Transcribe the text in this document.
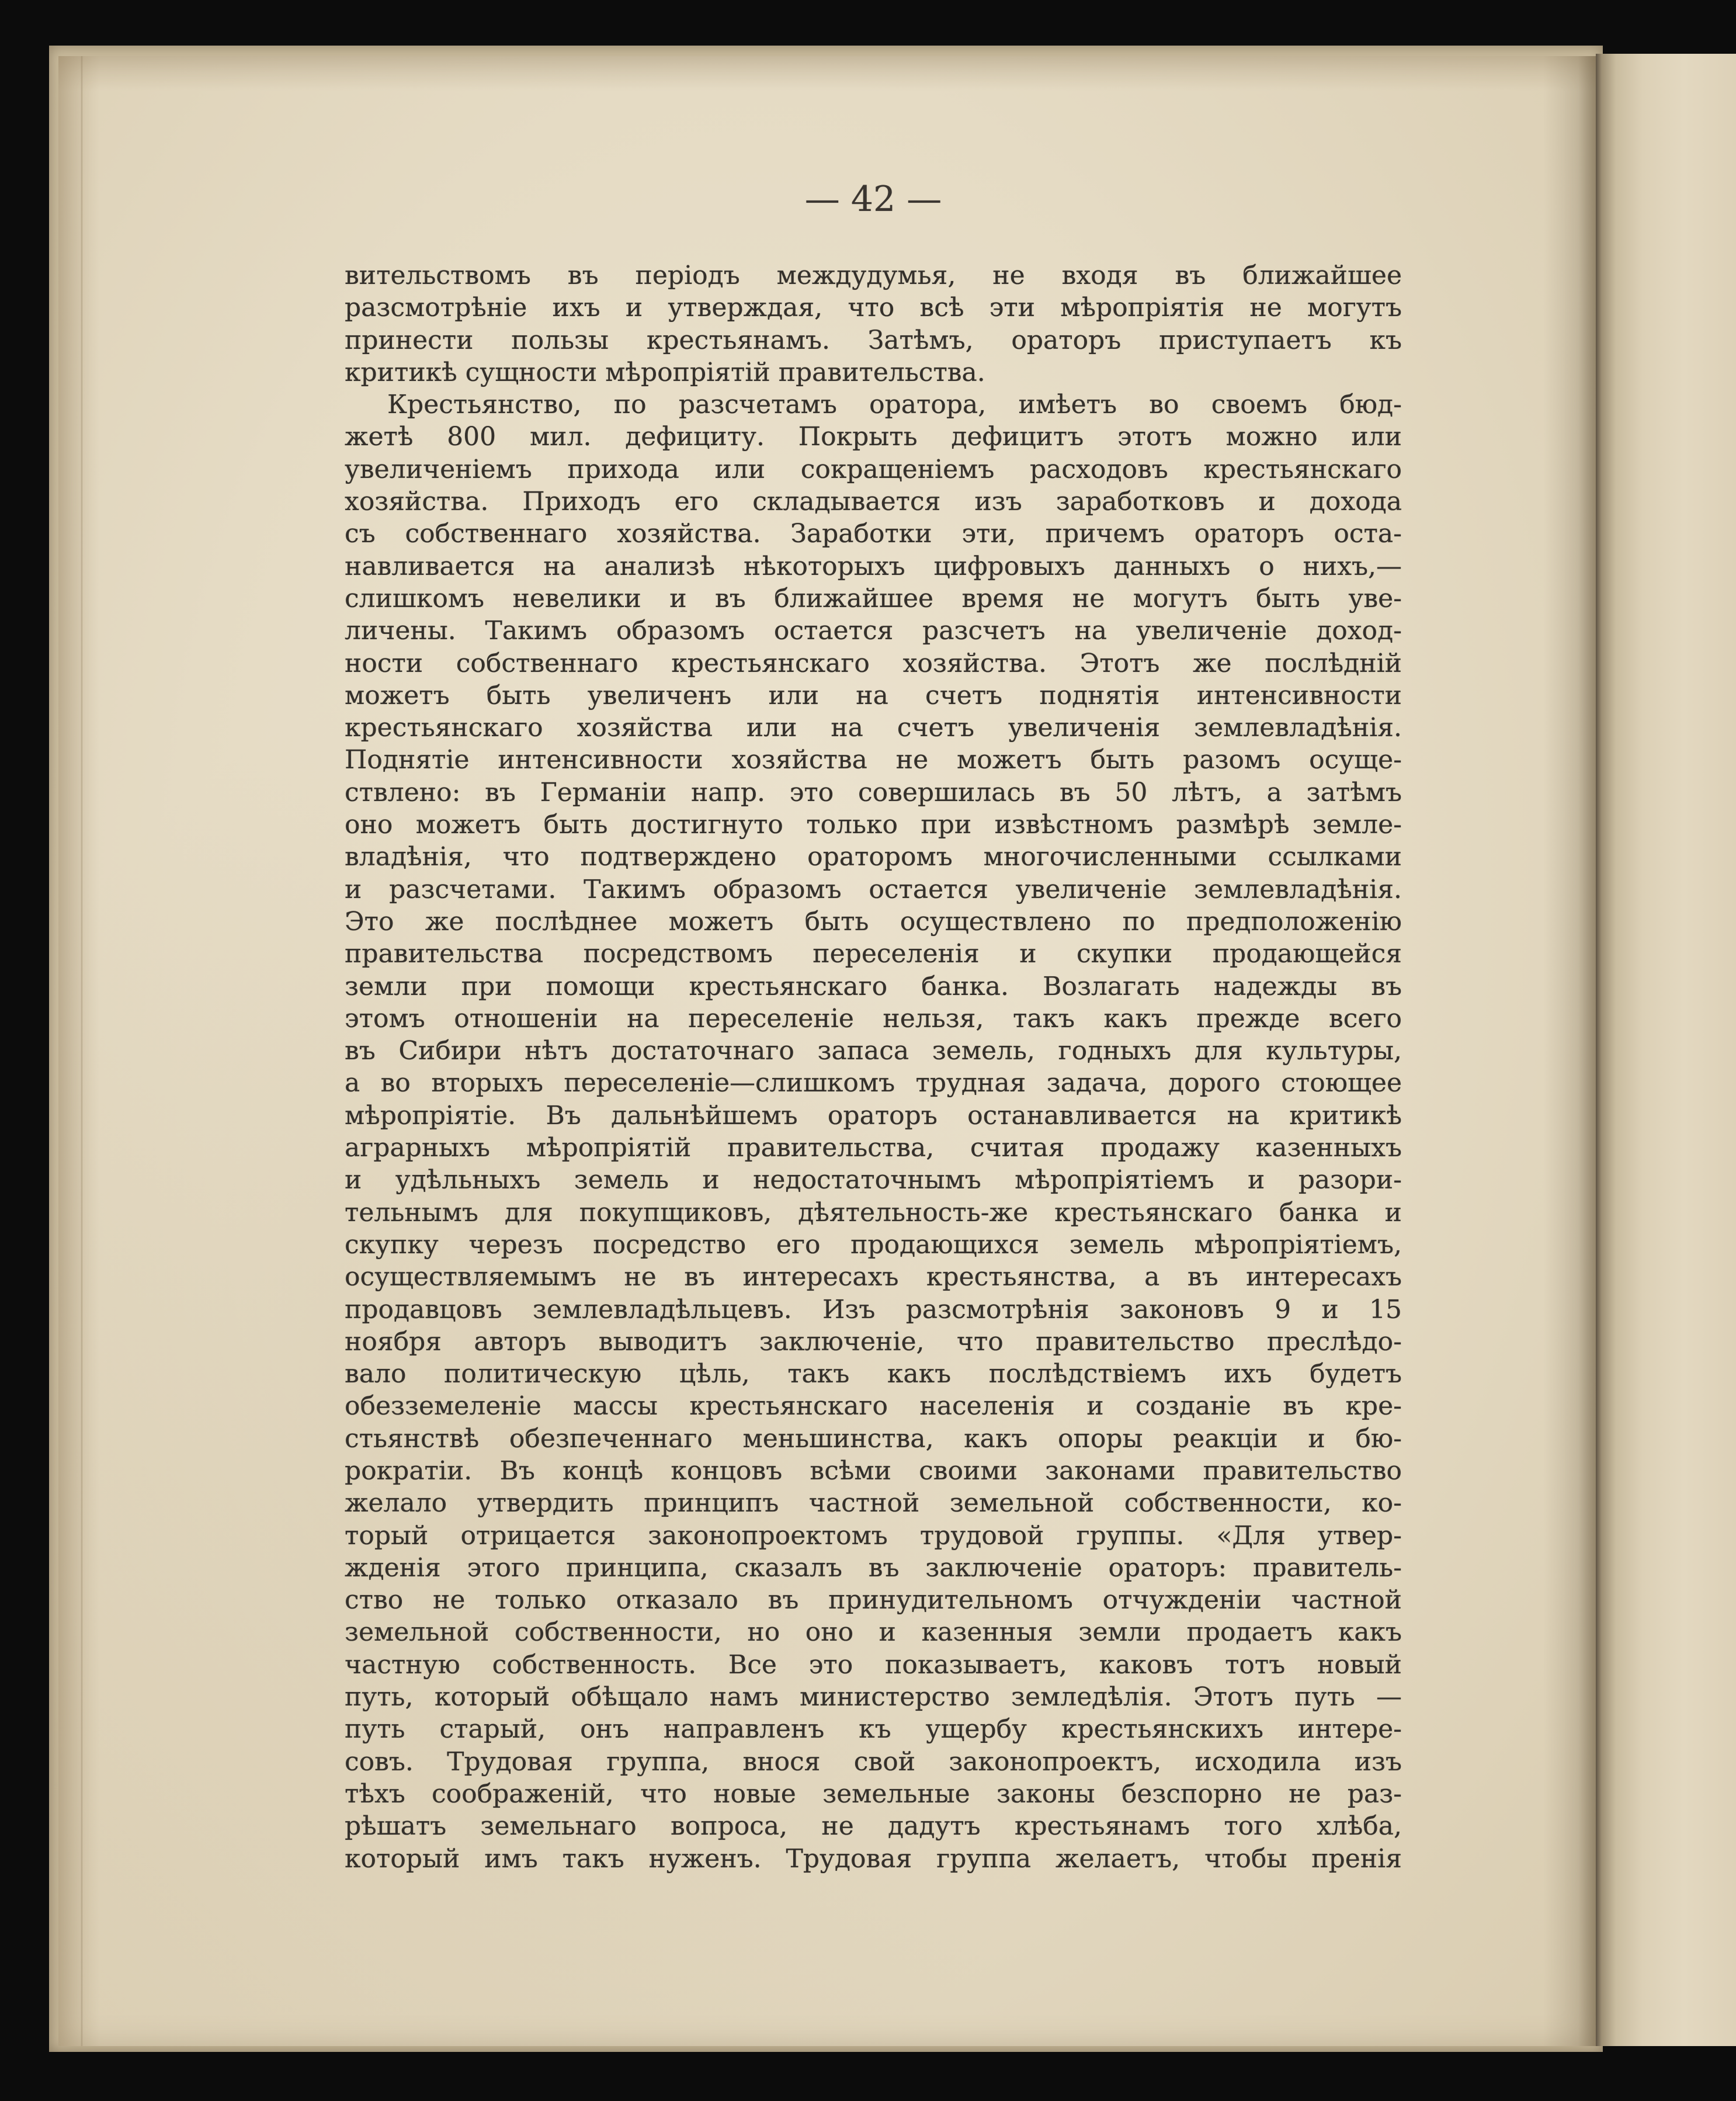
— 42 —
вительствомъ въ періодъ междудумья, не входя въ ближайшее
разсмотрѣніе ихъ и утверждая, что всѣ эти мѣропріятія не могутъ
принести пользы крестьянамъ. Затѣмъ, ораторъ приступаетъ къ
критикѣ сущности мѣропріятій правительства.
Крестьянство, по разсчетамъ оратора, имѣетъ во своемъ бюд-
жетѣ 800 мил. дефициту. Покрыть дефицитъ этотъ можно или
увеличеніемъ прихода или сокращеніемъ расходовъ крестьянскаго
хозяйства. Приходъ его складывается изъ заработковъ и дохода
съ собственнаго хозяйства. Заработки эти, причемъ ораторъ оста-
навливается на анализѣ нѣкоторыхъ цифровыхъ данныхъ о нихъ,—
слишкомъ невелики и въ ближайшее время не могутъ быть уве-
личены. Такимъ образомъ остается разсчетъ на увеличеніе доход-
ности собственнаго крестьянскаго хозяйства. Этотъ же послѣдній
можетъ быть увеличенъ или на счетъ поднятія интенсивности
крестьянскаго хозяйства или на счетъ увеличенія землевладѣнія.
Поднятіе интенсивности хозяйства не можетъ быть разомъ осуще-
ствлено: въ Германіи напр. это совершилась въ 50 лѣтъ, а затѣмъ
оно можетъ быть достигнуто только при извѣстномъ размѣрѣ земле-
владѣнія, что подтверждено ораторомъ многочисленными ссылками
и разсчетами. Такимъ образомъ остается увеличеніе землевладѣнія.
Это же послѣднее можетъ быть осуществлено по предположенію
правительства посредствомъ переселенія и скупки продающейся
земли при помощи крестьянскаго банка. Возлагать надежды въ
этомъ отношеніи на переселеніе нельзя, такъ какъ прежде всего
въ Сибири нѣтъ достаточнаго запаса земель, годныхъ для культуры,
а во вторыхъ переселеніе—слишкомъ трудная задача, дорого стоющее
мѣропріятіе. Въ дальнѣйшемъ ораторъ останавливается на критикѣ
аграрныхъ мѣропріятій правительства, считая продажу казенныхъ
и удѣльныхъ земель и недостаточнымъ мѣропріятіемъ и разори-
тельнымъ для покупщиковъ, дѣятельность-же крестьянскаго банка и
скупку черезъ посредство его продающихся земель мѣропріятіемъ,
осуществляемымъ не въ интересахъ крестьянства, а въ интересахъ
продавцовъ землевладѣльцевъ. Изъ разсмотрѣнія законовъ 9 и 15
ноября авторъ выводитъ заключеніе, что правительство преслѣдо-
вало политическую цѣль, такъ какъ послѣдствіемъ ихъ будетъ
обезземеленіе массы крестьянскаго населенія и созданіе въ кре-
стьянствѣ обезпеченнаго меньшинства, какъ опоры реакціи и бю-
рократіи. Въ концѣ концовъ всѣми своими законами правительство
желало утвердить принципъ частной земельной собственности, ко-
торый отрицается законопроектомъ трудовой группы. «Для утвер-
жденія этого принципа, сказалъ въ заключеніе ораторъ: правитель-
ство не только отказало въ принудительномъ отчужденіи частной
земельной собственности, но оно и казенныя земли продаетъ какъ
частную собственность. Все это показываетъ, каковъ тотъ новый
путь, который обѣщало намъ министерство земледѣлія. Этотъ путь —
путь старый, онъ направленъ къ ущербу крестьянскихъ интере-
совъ. Трудовая группа, внося свой законопроектъ, исходила изъ
тѣхъ соображеній, что новые земельные законы безспорно не раз-
рѣшатъ земельнаго вопроса, не дадутъ крестьянамъ того хлѣба,
который имъ такъ нуженъ. Трудовая группа желаетъ, чтобы пренія
